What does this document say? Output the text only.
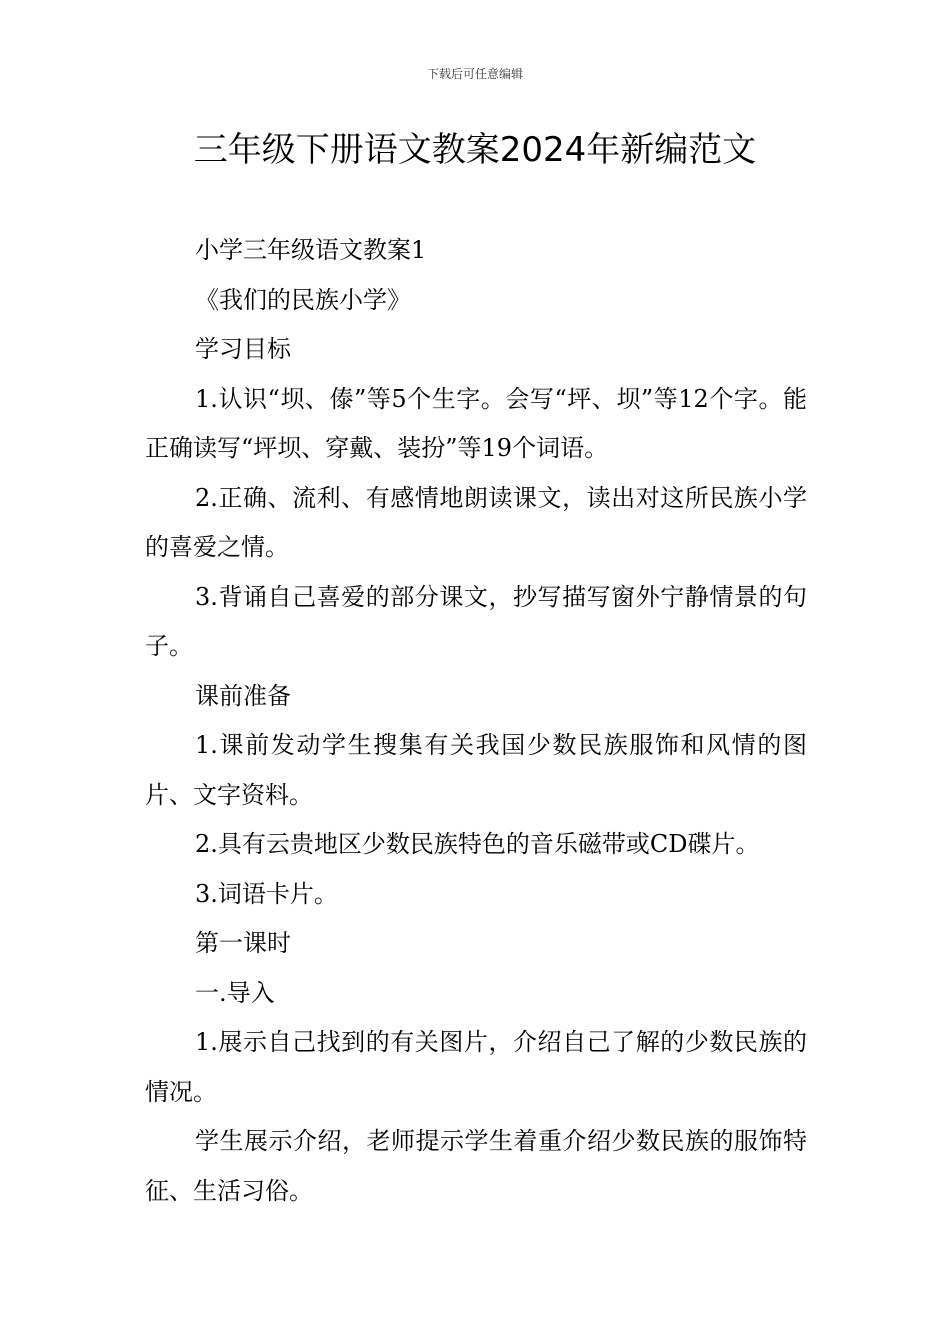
下载后可任意编辑
三年级下册语文教案2024年新编范文

小学三年级语文教案1

《我们的民族小学》

学习目标

1.认识“坝、傣”等5个生字。会写“坪、坝”等12个字。能正确读写“坪坝、穿戴、装扮”等19个词语。

2.正确、流利、有感情地朗读课文，读出对这所民族小学的喜爱之情。

3.背诵自己喜爱的部分课文，抄写描写窗外宁静情景的句子。

课前准备

1.课前发动学生搜集有关我国少数民族服饰和风情的图片、文字资料。

2.具有云贵地区少数民族特色的音乐磁带或CD碟片。

3.词语卡片。

第一课时

一.导入

1.展示自己找到的有关图片，介绍自己了解的少数民族的情况。

学生展示介绍，老师提示学生着重介绍少数民族的服饰特征、生活习俗。
